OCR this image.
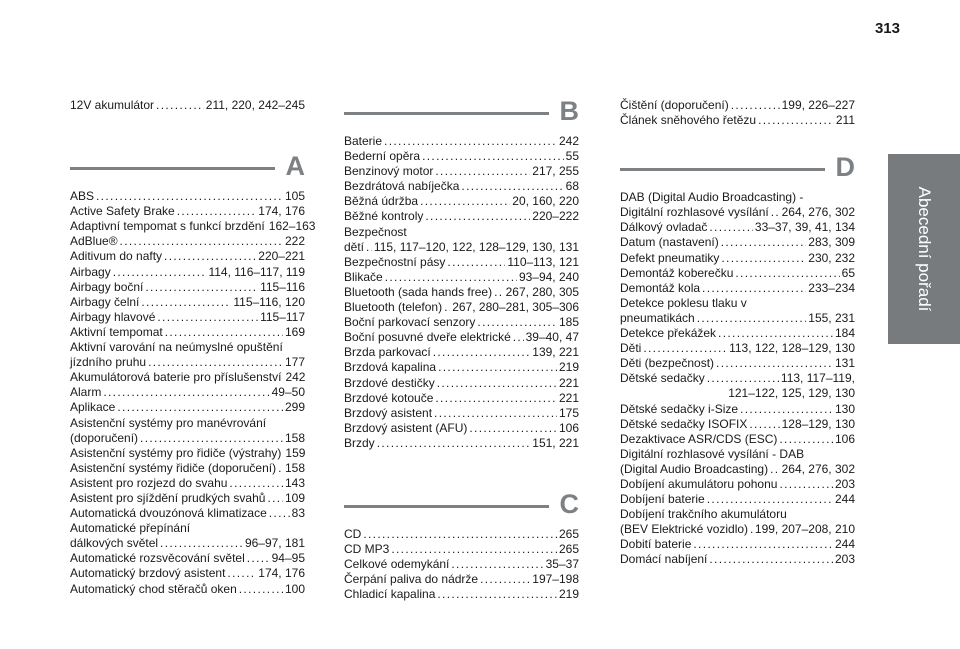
313
Abecední pořadí
12V akumulátor . . .	211, 220, 242–245
A
ABS . . .	105
Active Safety Brake . . .	174, 176
Adaptivní tempomat s funkcí brzdění 162–163
AdBlue® . . .	222
Aditivum do nafty . . .	220–221
Airbagy . . .	114, 116–117, 119
Airbagy boční . . .	115–116
Airbagy čelní . . .	115–116, 120
Airbagy hlavové . . .	115–117
Aktivní tempomat . . .	169
Aktivní varování na neúmyslné opuštění
jízdního pruhu . . .	177
Akumulátorová baterie pro příslušenství 242
Alarm . . .	49–50
Aplikace . . .	299
Asistenční systémy pro manévrování
(doporučení) . . .	158
Asistenční systémy pro řidiče (výstrahy) 159
Asistenční systémy řidiče (doporučení) . . . 158
Asistent pro rozjezd do svahu . . .	143
Asistent pro sjíždění prudkých svahů . . . 109
Automatická dvouzónová klimatizace . . . 83
Automatické přepínání
dálkových světel . . .	96–97, 181
Automatické rozsvěcování světel . . . 94–95
Automatický brzdový asistent . . .	174, 176
Automatický chod stěračů oken . . .	100
B
Baterie . . .	242
Bederní opěra . . .	55
Benzinový motor . . .	217, 255
Bezdrátová nabíječka . . .	68
Běžná údržba . . .	20, 160, 220
Běžné kontroly . . .	220–222
Bezpečnost
dětí . . . 115, 117–120, 122, 128–129, 130, 131
Bezpečnostní pásy . . .	110–113, 121
Blikače . . .	93–94, 240
Bluetooth (sada hands free) . . . 267, 280, 305
Bluetooth (telefon) . . . 267, 280–281, 305–306
Boční parkovací senzory . . .	185
Boční posuvné dveře elektrické . . . 39–40, 47
Brzda parkovací . . .	139, 221
Brzdová kapalina . . .	219
Brzdové destičky . . .	221
Brzdové kotouče . . .	221
Brzdový asistent . . .	175
Brzdový asistent (AFU) . . .	106
Brzdy . . .	151, 221
C
CD . . .	265
CD MP3 . . .	265
Celkové odemykání . . .	35–37
Čerpání paliva do nádrže . . .	197–198
Chladicí kapalina . . .	219
Čištění (doporučení) . . .	199, 226–227
Článek sněhového řetězu . . .	211
D
DAB (Digital Audio Broadcasting) -
Digitální rozhlasové vysílání . . . 264, 276, 302
Dálkový ovladač . . .	33–37, 39, 41, 134
Datum (nastavení) . . .	283, 309
Defekt pneumatiky . . .	230, 232
Demontáž koberečku . . .	65
Demontáž kola . . .	233–234
Detekce poklesu tlaku v
pneumatikách . . .	155, 231
Detekce překážek . . .	184
Děti . . .	113, 122, 128–129, 130
Děti (bezpečnost) . . .	131
Dětské sedačky . . .	113, 117–119,
121–122, 125, 129, 130
Dětské sedačky i-Size . . .	130
Dětské sedačky ISOFIX . . .	128–129, 130
Dezaktivace ASR/CDS (ESC) . . .	106
Digitální rozhlasové vysílání - DAB
(Digital Audio Broadcasting) . . . 264, 276, 302
Dobíjení akumulátoru pohonu . . .	203
Dobíjení baterie . . .	244
Dobíjení trakčního akumulátoru
(BEV Elektrické vozidlo) . . . 199, 207–208, 210
Dobití baterie . . .	244
Domácí nabíjení . . .	203
